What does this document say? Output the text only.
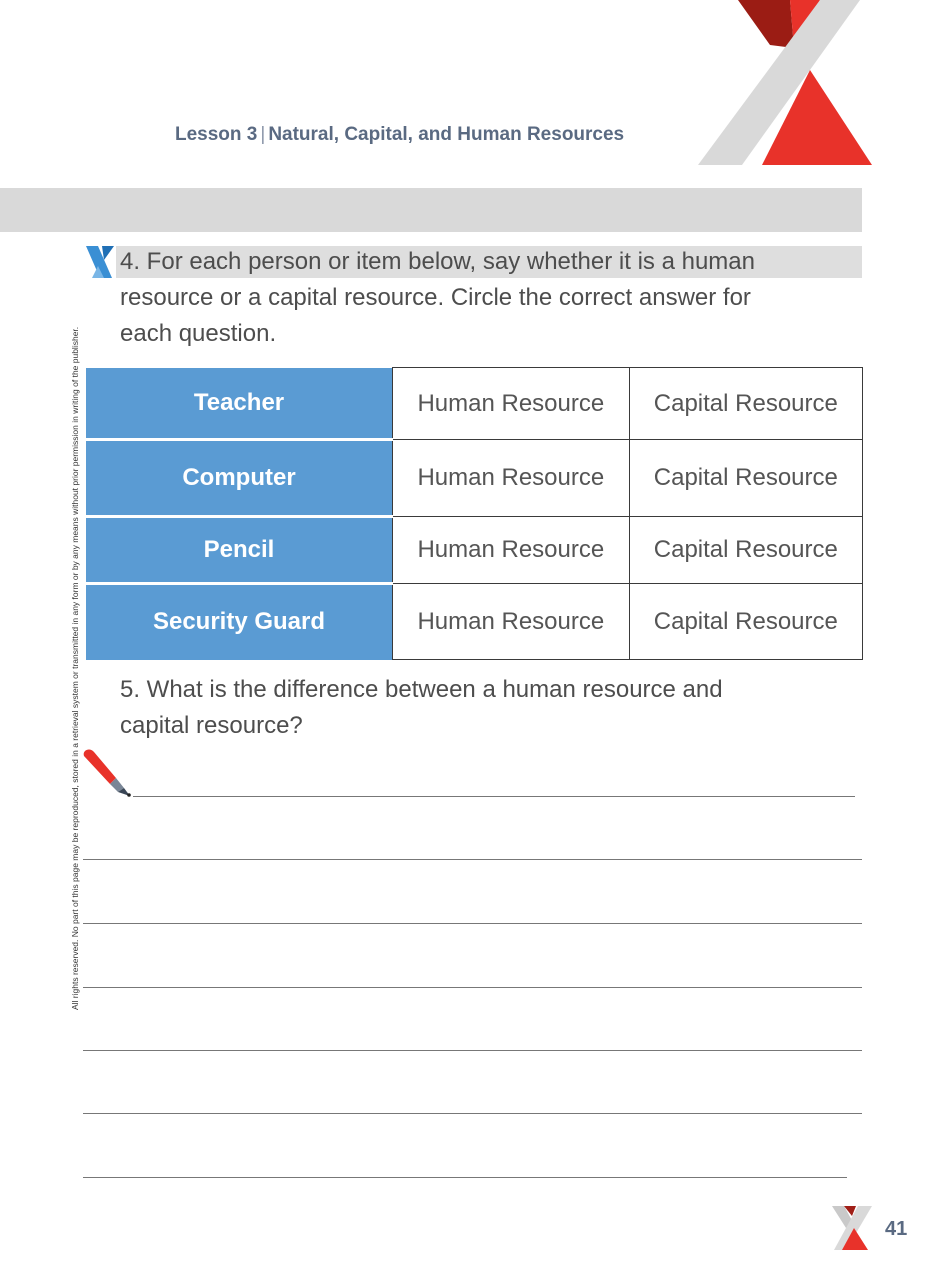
Lesson 3 | Natural, Capital, and Human Resources
4. For each person or item below, say whether it is a human
resource or a capital resource. Circle the correct answer for
each question.
Teacher	Human Resource	Capital Resource
Computer	Human Resource	Capital Resource
Pencil	Human Resource	Capital Resource
Security Guard	Human Resource	Capital Resource
5. What is the difference between a human resource and
capital resource?
All rights reserved. No part of this page may be reproduced, stored in a retrieval system or transmitted in any form or by any means without prior permission in writing of the publisher.
41
